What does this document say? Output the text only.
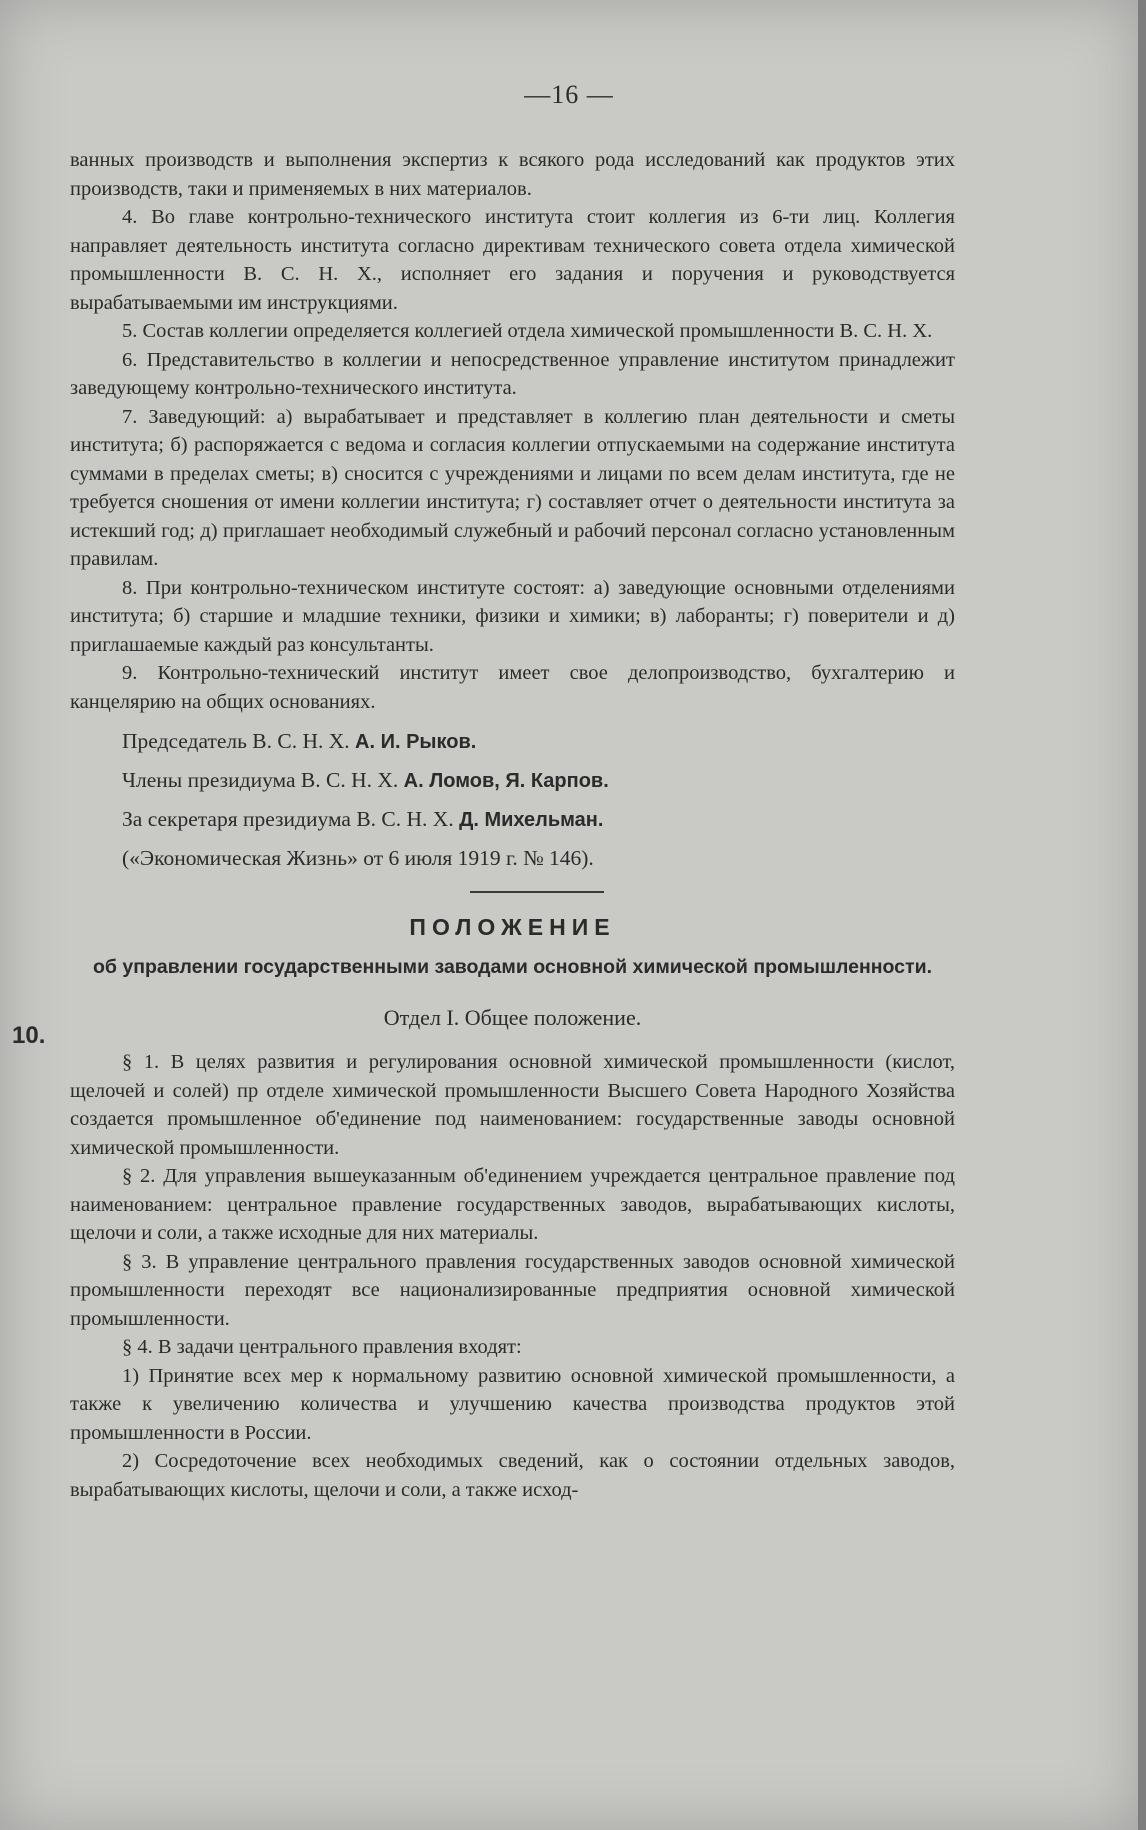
—16 —
10.

ванных производств и выполнения экспертиз к всякого рода исследований как продуктов этих производств, таки и применяемых в них материалов.

4. Во главе контрольно-технического института стоит коллегия из 6-ти лиц. Коллегия направляет деятельность института согласно директивам технического совета отдела химической промышленности В. С. Н. Х., исполняет его задания и поручения и руководствуется вырабатываемыми им инструкциями.

5. Состав коллегии определяется коллегией отдела химической промышленности В. С. Н. Х.

6. Представительство в коллегии и непосредственное управление институтом принадлежит заведующему контрольно-технического института.

7. Заведующий: а) вырабатывает и представляет в коллегию план деятельности и сметы института; б) распоряжается с ведома и согласия коллегии отпускаемыми на содержание института суммами в пределах сметы; в) сносится с учреждениями и лицами по всем делам института, где не требуется сношения от имени коллегии института; г) составляет отчет о деятельности института за истекший год; д) приглашает необходимый служебный и рабочий персонал согласно установленным правилам.

8. При контрольно-техническом институте состоят: а) заведующие основными отделениями института; б) старшие и младшие техники, физики и химики; в) лаборанты; г) поверители и д) приглашаемые каждый раз консультанты.

9. Контрольно-технический институт имеет свое делопроизводство, бухгалтерию и канцелярию на общих основаниях.

Председатель В. С. Н. Х. А. И. Рыков.
Члены президиума В. С. Н. Х. А. Ломов, Я. Карпов.
За секретаря президиума В. С. Н. Х. Д. Михельман.
(«Экономическая Жизнь» от 6 июля 1919 г. № 146).
ПОЛОЖЕНИЕ
об управлении государственными заводами основной химической промышленности.
Отдел I. Общее положение.

§ 1. В целях развития и регулирования основной химической промышленности (кислот, щелочей и солей) пр отделе химической промышленности Высшего Совета Народного Хозяйства создается промышленное об'единение под наименованием: государственные заводы основной химической промышленности.

§ 2. Для управления вышеуказанным об'единением учреждается центральное правление под наименованием: центральное правление государственных заводов, вырабатывающих кислоты, щелочи и соли, а также исходные для них материалы.

§ 3. В управление центрального правления государственных заводов основной химической промышленности переходят все национализированные предприятия основной химической промышленности.

§ 4. В задачи центрального правления входят:

1) Принятие всех мер к нормальному развитию основной химической промышленности, а также к увеличению количества и улучшению качества производства продуктов этой промышленности в России.

2) Сосредоточение всех необходимых сведений, как о состоянии отдельных заводов, вырабатывающих кислоты, щелочи и соли, а также исход-
